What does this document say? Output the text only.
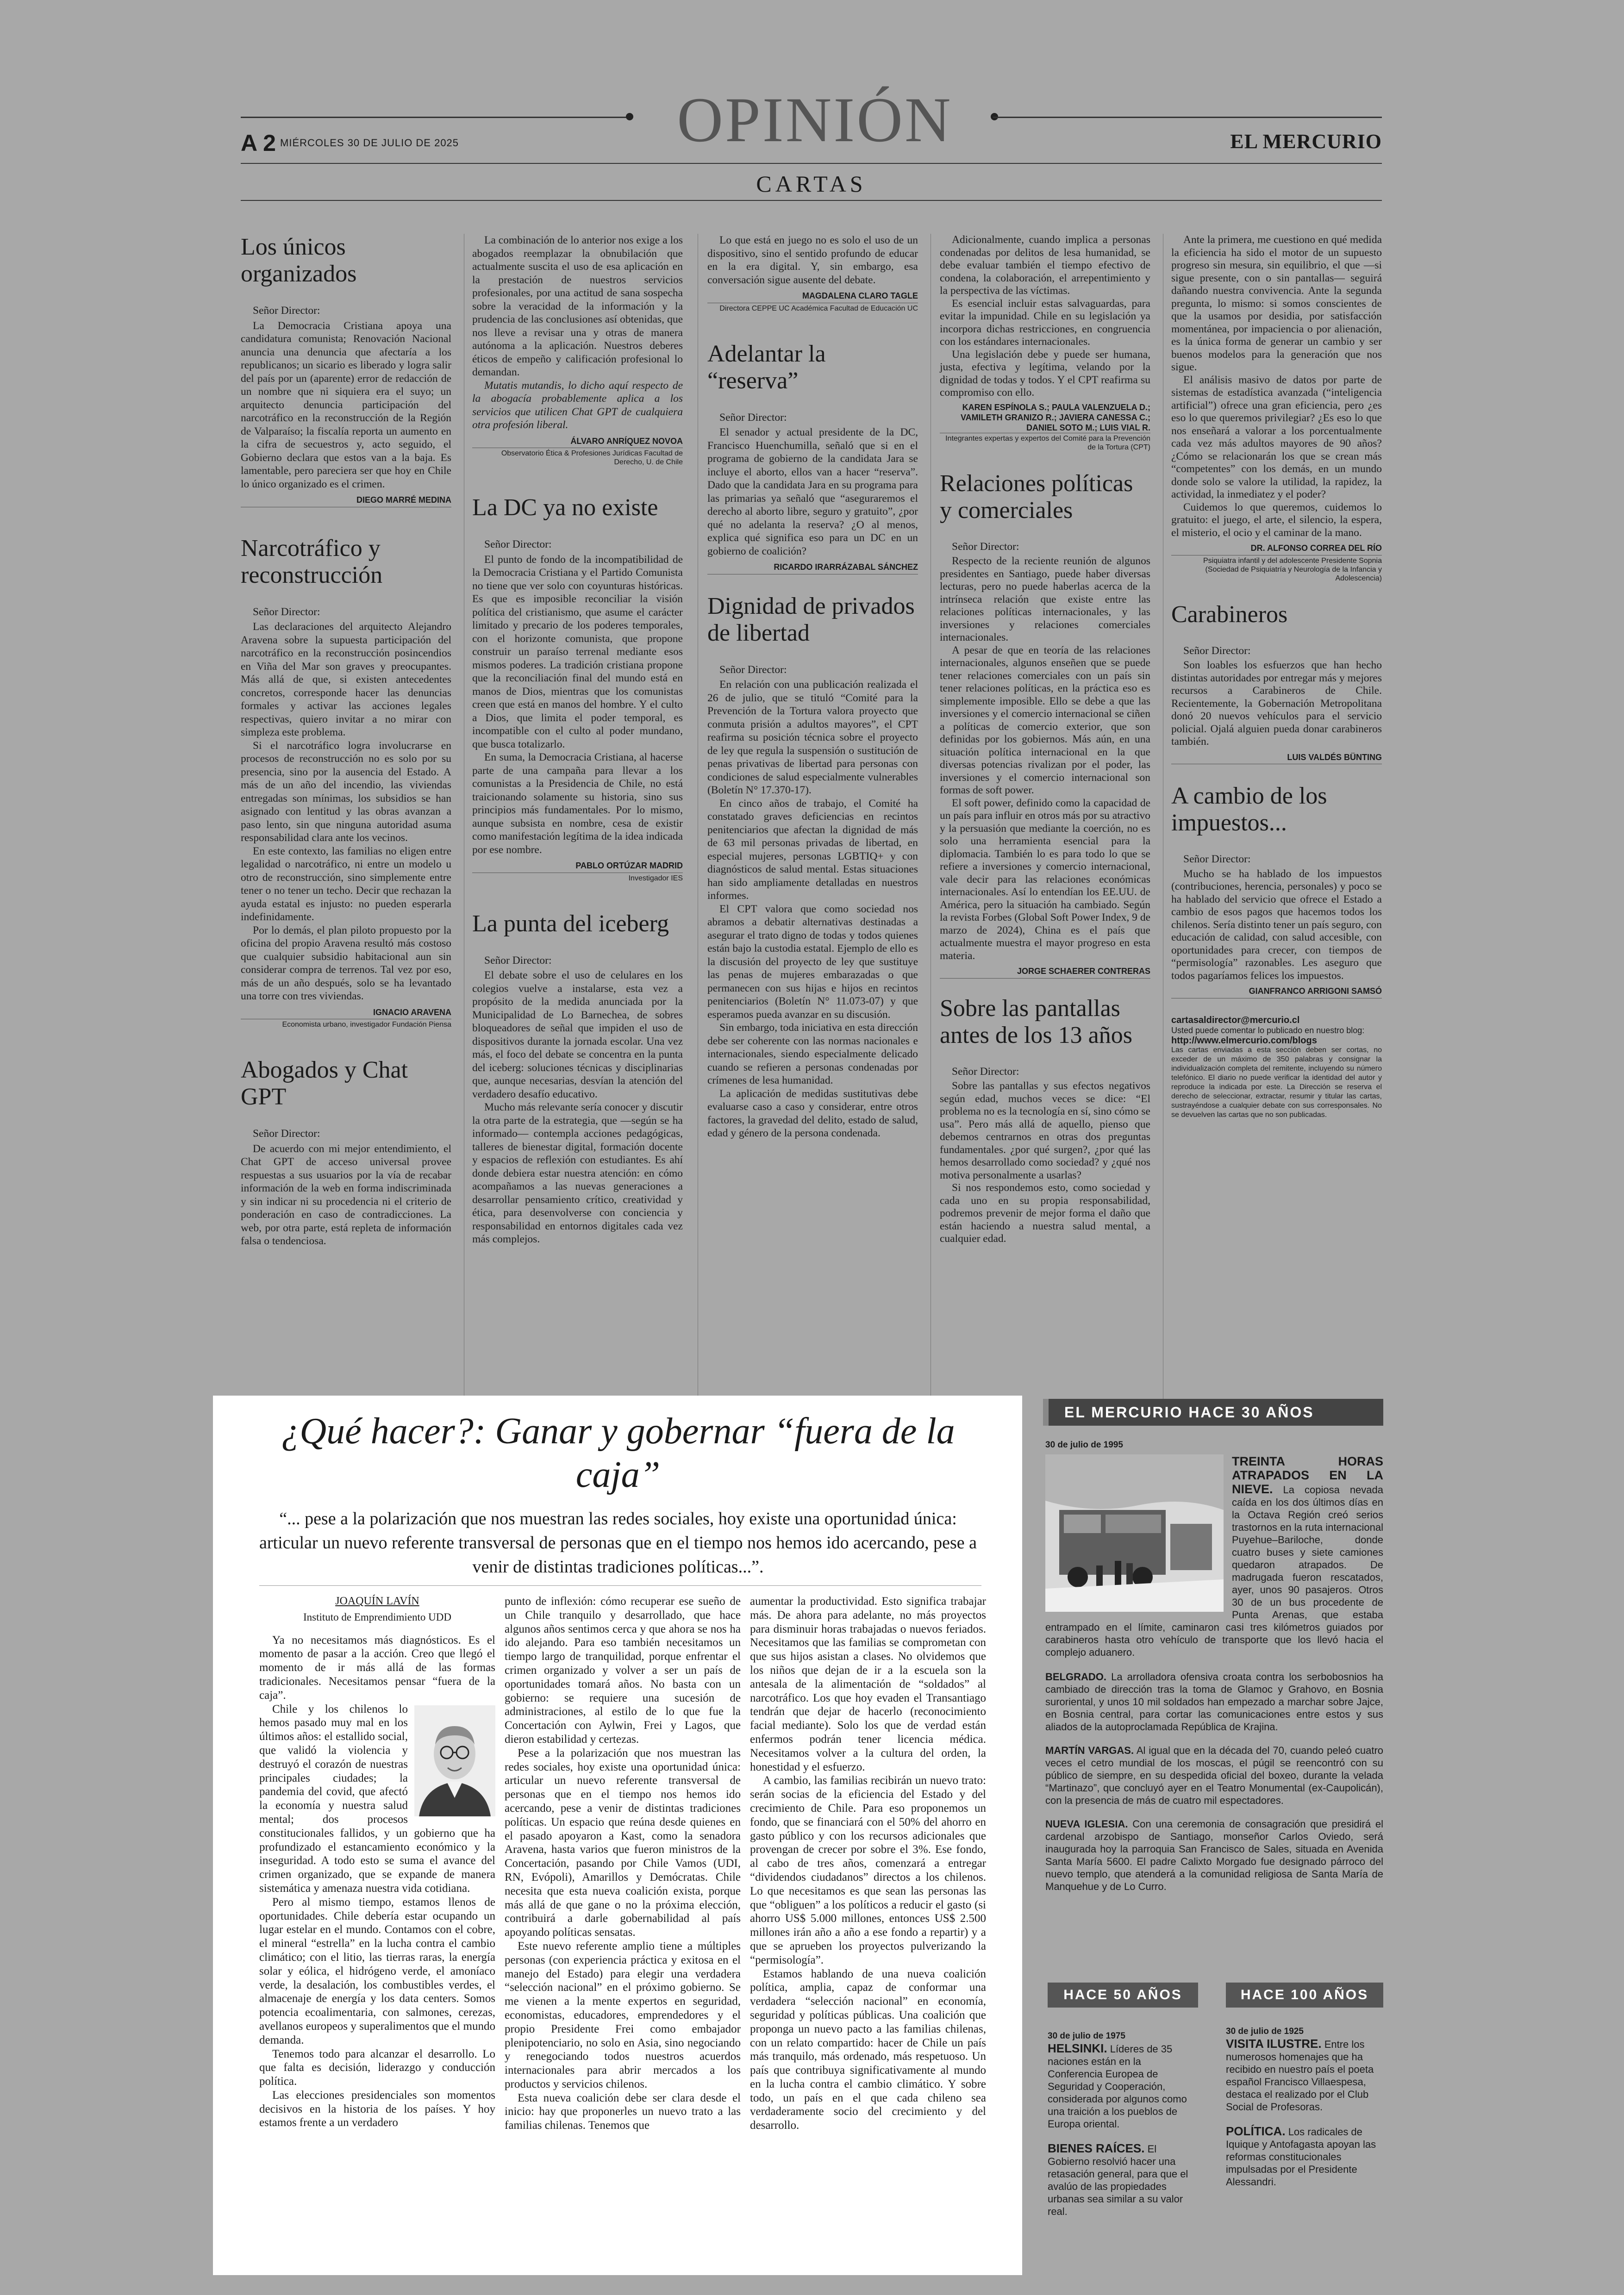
OPINIÓN
A 2 MIÉRCOLES 30 DE JULIO DE 2025	EL MERCURIO
CARTAS
Los únicos organizados
Señor Director:

La Democracia Cristiana apoya una candidatura comunista; Renovación Nacional anuncia una denuncia que afectaría a los republicanos; un sicario es liberado y logra salir del país por un (aparente) error de redacción de un nombre que ni siquiera era el suyo; un arquitecto denuncia participación del narcotráfico en la reconstrucción de la Región de Valparaíso; la fiscalía reporta un aumento en la cifra de secuestros y, acto seguido, el Gobierno declara que estos van a la baja. Es lamentable, pero pareciera ser que hoy en Chile lo único organizado es el crimen.

DIEGO MARRÉ MEDINA
Narcotráfico y reconstrucción
Señor Director:

Las declaraciones del arquitecto Alejandro Aravena sobre la supuesta participación del narcotráfico en la reconstrucción posincendios en Viña del Mar son graves y preocupantes. Más allá de que, si existen antecedentes concretos, corresponde hacer las denuncias formales y activar las acciones legales respectivas, quiero invitar a no mirar con simpleza este problema.

Si el narcotráfico logra involucrarse en procesos de reconstrucción no es solo por su presencia, sino por la ausencia del Estado. A más de un año del incendio, las viviendas entregadas son mínimas, los subsidios se han asignado con lentitud y las obras avanzan a paso lento, sin que ninguna autoridad asuma responsabilidad clara ante los vecinos.

En este contexto, las familias no eligen entre legalidad o narcotráfico, ni entre un modelo u otro de reconstrucción, sino simplemente entre tener o no tener un techo. Decir que rechazan la ayuda estatal es injusto: no pueden esperarla indefinidamente.

Por lo demás, el plan piloto propuesto por la oficina del propio Aravena resultó más costoso que cualquier subsidio habitacional aun sin considerar compra de terrenos. Tal vez por eso, más de un año después, solo se ha levantado una torre con tres viviendas.

IGNACIO ARAVENA
Economista urbano, investigador Fundación Piensa
Abogados y Chat GPT
Señor Director:

De acuerdo con mi mejor entendimiento, el Chat GPT de acceso universal provee respuestas a sus usuarios por la vía de recabar información de la web en forma indiscriminada y sin indicar ni su procedencia ni el criterio de ponderación en caso de contradicciones. La web, por otra parte, está repleta de información falsa o tendenciosa.

La combinación de lo anterior nos exige a los abogados reemplazar la obnubilación que actualmente suscita el uso de esa aplicación en la prestación de nuestros servicios profesionales, por una actitud de sana sospecha sobre la veracidad de la información y la prudencia de las conclusiones así obtenidas, que nos lleve a revisar una y otras de manera autónoma a la aplicación. Nuestros deberes éticos de empeño y calificación profesional lo demandan.

Mutatis mutandis, lo dicho aquí respecto de la abogacía probablemente aplica a los servicios que utilicen Chat GPT de cualquiera otra profesión liberal.

ÁLVARO ANRÍQUEZ NOVOA
Observatorio Ética & Profesiones Jurídicas Facultad de Derecho, U. de Chile
La DC ya no existe
Señor Director:

El punto de fondo de la incompatibilidad de la Democracia Cristiana y el Partido Comunista no tiene que ver solo con coyunturas históricas. Es que es imposible reconciliar la visión política del cristianismo, que asume el carácter limitado y precario de los poderes temporales, con el horizonte comunista, que propone construir un paraíso terrenal mediante esos mismos poderes. La tradición cristiana propone que la reconciliación final del mundo está en manos de Dios, mientras que los comunistas creen que está en manos del hombre. Y el culto a Dios, que limita el poder temporal, es incompatible con el culto al poder mundano, que busca totalizarlo.

En suma, la Democracia Cristiana, al hacerse parte de una campaña para llevar a los comunistas a la Presidencia de Chile, no está traicionando solamente su historia, sino sus principios más fundamentales. Por lo mismo, aunque subsista en nombre, cesa de existir como manifestación legítima de la idea indicada por ese nombre.

PABLO ORTÚZAR MADRID
Investigador IES
La punta del iceberg
Señor Director:

El debate sobre el uso de celulares en los colegios vuelve a instalarse, esta vez a propósito de la medida anunciada por la Municipalidad de Lo Barnechea, de sobres bloqueadores de señal que impiden el uso de dispositivos durante la jornada escolar. Una vez más, el foco del debate se concentra en la punta del iceberg: soluciones técnicas y disciplinarias que, aunque necesarias, desvían la atención del verdadero desafío educativo.

Mucho más relevante sería conocer y discutir la otra parte de la estrategia, que —según se ha informado— contempla acciones pedagógicas, talleres de bienestar digital, formación docente y espacios de reflexión con estudiantes. Es ahí donde debiera estar nuestra atención: en cómo acompañamos a las nuevas generaciones a desarrollar pensamiento crítico, creatividad y ética, para desenvolverse con conciencia y responsabilidad en entornos digitales cada vez más complejos.

Lo que está en juego no es solo el uso de un dispositivo, sino el sentido profundo de educar en la era digital. Y, sin embargo, esa conversación sigue ausente del debate.

MAGDALENA CLARO TAGLE
Directora CEPPE UC Académica Facultad de Educación UC
Adelantar la “reserva”
Señor Director:

El senador y actual presidente de la DC, Francisco Huenchumilla, señaló que si en el programa de gobierno de la candidata Jara se incluye el aborto, ellos van a hacer “reserva”. Dado que la candidata Jara en su programa para las primarias ya señaló que “aseguraremos el derecho al aborto libre, seguro y gratuito”, ¿por qué no adelanta la reserva? ¿O al menos, explica qué significa eso para un DC en un gobierno de coalición?

RICARDO IRARRÁZABAL SÁNCHEZ
Dignidad de privados de libertad
Señor Director:

En relación con una publicación realizada el 26 de julio, que se tituló “Comité para la Prevención de la Tortura valora proyecto que conmuta prisión a adultos mayores”, el CPT reafirma su posición técnica sobre el proyecto de ley que regula la suspensión o sustitución de penas privativas de libertad para personas con condiciones de salud especialmente vulnerables (Boletín N° 17.370-17).

En cinco años de trabajo, el Comité ha constatado graves deficiencias en recintos penitenciarios que afectan la dignidad de más de 63 mil personas privadas de libertad, en especial mujeres, personas LGBTIQ+ y con diagnósticos de salud mental. Estas situaciones han sido ampliamente detalladas en nuestros informes.

El CPT valora que como sociedad nos abramos a debatir alternativas destinadas a asegurar el trato digno de todas y todos quienes están bajo la custodia estatal. Ejemplo de ello es la discusión del proyecto de ley que sustituye las penas de mujeres embarazadas o que permanecen con sus hijas e hijos en recintos penitenciarios (Boletín N° 11.073-07) y que esperamos pueda avanzar en su discusión.

Sin embargo, toda iniciativa en esta dirección debe ser coherente con las normas nacionales e internacionales, siendo especialmente delicado cuando se refieren a personas condenadas por crímenes de lesa humanidad.

La aplicación de medidas sustitutivas debe evaluarse caso a caso y considerar, entre otros factores, la gravedad del delito, estado de salud, edad y género de la persona condenada.

Adicionalmente, cuando implica a personas condenadas por delitos de lesa humanidad, se debe evaluar también el tiempo efectivo de condena, la colaboración, el arrepentimiento y la perspectiva de las víctimas.

Es esencial incluir estas salvaguardas, para evitar la impunidad. Chile en su legislación ya incorpora dichas restricciones, en congruencia con los estándares internacionales.

Una legislación debe y puede ser humana, justa, efectiva y legítima, velando por la dignidad de todas y todos. Y el CPT reafirma su compromiso con ello.

KAREN ESPÍNOLA S.; PAULA VALENZUELA D.; VAMILETH GRANIZO R.; JAVIERA CANESSA C.; DANIEL SOTO M.; LUIS VIAL R.
Integrantes expertas y expertos del Comité para la Prevención de la Tortura (CPT)
Relaciones políticas y comerciales
Señor Director:

Respecto de la reciente reunión de algunos presidentes en Santiago, puede haber diversas lecturas, pero no puede haberlas acerca de la intrínseca relación que existe entre las relaciones políticas internacionales, y las inversiones y relaciones comerciales internacionales.

A pesar de que en teoría de las relaciones internacionales, algunos enseñen que se puede tener relaciones comerciales con un país sin tener relaciones políticas, en la práctica eso es simplemente imposible. Ello se debe a que las inversiones y el comercio internacional se ciñen a políticas de comercio exterior, que son definidas por los gobiernos. Más aún, en una situación política internacional en la que diversas potencias rivalizan por el poder, las inversiones y el comercio internacional son formas de soft power.

El soft power, definido como la capacidad de un país para influir en otros más por su atractivo y la persuasión que mediante la coerción, no es solo una herramienta esencial para la diplomacia. También lo es para todo lo que se refiere a inversiones y comercio internacional, vale decir para las relaciones económicas internacionales. Así lo entendían los EE.UU. de América, pero la situación ha cambiado. Según la revista Forbes (Global Soft Power Index, 9 de marzo de 2024), China es el país que actualmente muestra el mayor progreso en esta materia.

JORGE SCHAERER CONTRERAS
Sobre las pantallas antes de los 13 años
Señor Director:

Sobre las pantallas y sus efectos negativos según edad, muchos veces se dice: “El problema no es la tecnología en sí, sino cómo se usa”. Pero más allá de aquello, pienso que debemos centrarnos en otras dos preguntas fundamentales. ¿por qué surgen?, ¿por qué las hemos desarrollado como sociedad? y ¿qué nos motiva personalmente a usarlas?

Si nos respondemos esto, como sociedad y cada uno en su propia responsabilidad, podremos prevenir de mejor forma el daño que están haciendo a nuestra salud mental, a cualquier edad.

Ante la primera, me cuestiono en qué medida la eficiencia ha sido el motor de un supuesto progreso sin mesura, sin equilibrio, el que —si sigue presente, con o sin pantallas— seguirá dañando nuestra convivencia. Ante la segunda pregunta, lo mismo: si somos conscientes de que la usamos por desidia, por satisfacción momentánea, por impaciencia o por alienación, es la única forma de generar un cambio y ser buenos modelos para la generación que nos sigue.

El análisis masivo de datos por parte de sistemas de estadística avanzada (“inteligencia artificial”) ofrece una gran eficiencia, pero ¿es eso lo que queremos privilegiar? ¿Es eso lo que nos enseñará a valorar a los porcentualmente cada vez más adultos mayores de 90 años? ¿Cómo se relacionarán los que se crean más “competentes” con los demás, en un mundo donde solo se valore la utilidad, la rapidez, la actividad, la inmediatez y el poder?

Cuidemos lo que queremos, cuidemos lo gratuito: el juego, el arte, el silencio, la espera, el misterio, el ocio y el caminar de la mano.

DR. ALFONSO CORREA DEL RÍO
Psiquiatra infantil y del adolescente Presidente Sopnia (Sociedad de Psiquiatría y Neurología de la Infancia y Adolescencia)
Carabineros
Señor Director:

Son loables los esfuerzos que han hecho distintas autoridades por entregar más y mejores recursos a Carabineros de Chile. Recientemente, la Gobernación Metropolitana donó 20 nuevos vehículos para el servicio policial. Ojalá alguien pueda donar carabineros también.

LUIS VALDÉS BÜNTING
A cambio de los impuestos...
Señor Director:

Mucho se ha hablado de los impuestos (contribuciones, herencia, personales) y poco se ha hablado del servicio que ofrece el Estado a cambio de esos pagos que hacemos todos los chilenos. Sería distinto tener un país seguro, con educación de calidad, con salud accesible, con oportunidades para crecer, con tiempos de “permisología” razonables. Les aseguro que todos pagaríamos felices los impuestos.

GIANFRANCO ARRIGONI SAMSÓ
cartasaldirector@mercurio.cl
Usted puede comentar lo publicado en nuestro blog:
http://www.elmercurio.com/blogs
Las cartas enviadas a esta sección deben ser cortas, no exceder de un máximo de 350 palabras y consignar la individualización completa del remitente, incluyendo su número telefónico. El diario no puede verificar la identidad del autor y reproduce la indicada por este. La Dirección se reserva el derecho de seleccionar, extractar, resumir y titular las cartas, sustrayéndose a cualquier debate con sus corresponsales. No se devuelven las cartas que no son publicadas.
¿Qué hacer?: Ganar y gobernar “fuera de la caja”
“... pese a la polarización que nos muestran las redes sociales, hoy existe una oportunidad única: articular un nuevo referente transversal de personas que en el tiempo nos hemos ido acercando, pese a venir de distintas tradiciones políticas...”.
JOAQUÍN LAVÍN
Instituto de Emprendimiento UDD

Ya no necesitamos más diagnósticos. Es el momento de pasar a la acción. Creo que llegó el momento de ir más allá de las formas tradicionales. Necesitamos pensar “fuera de la caja”.

Chile y los chilenos lo hemos pasado muy mal en los últimos años: el estallido social, que validó la violencia y destruyó el corazón de nuestras principales ciudades; la pandemia del covid, que afectó la economía y nuestra salud mental; dos procesos constitucionales fallidos, y un gobierno que ha profundizado el estancamiento económico y la inseguridad. A todo esto se suma el avance del crimen organizado, que se expande de manera sistemática y amenaza nuestra vida cotidiana.

Pero al mismo tiempo, estamos llenos de oportunidades. Chile debería estar ocupando un lugar estelar en el mundo. Contamos con el cobre, el mineral “estrella” en la lucha contra el cambio climático; con el litio, las tierras raras, la energía solar y eólica, el hidrógeno verde, el amoníaco verde, la desalación, los combustibles verdes, el almacenaje de energía y los data centers. Somos potencia ecoalimentaria, con salmones, cerezas, avellanos europeos y superalimentos que el mundo demanda.

Tenemos todo para alcanzar el desarrollo. Lo que falta es decisión, liderazgo y conducción política.

Las elecciones presidenciales son momentos decisivos en la historia de los países. Y hoy estamos frente a un verdadero

punto de inflexión: cómo recuperar ese sueño de un Chile tranquilo y desarrollado, que hace algunos años sentimos cerca y que ahora se nos ha ido alejando. Para eso también necesitamos un tiempo largo de tranquilidad, porque enfrentar el crimen organizado y volver a ser un país de oportunidades tomará años. No basta con un gobierno: se requiere una sucesión de administraciones, al estilo de lo que fue la Concertación con Aylwin, Frei y Lagos, que dieron estabilidad y certezas.

Pese a la polarización que nos muestran las redes sociales, hoy existe una oportunidad única: articular un nuevo referente transversal de personas que en el tiempo nos hemos ido acercando, pese a venir de distintas tradiciones políticas. Un espacio que reúna desde quienes en el pasado apoyaron a Kast, como la senadora Aravena, hasta varios que fueron ministros de la Concertación, pasando por Chile Vamos (UDI, RN, Evópoli), Amarillos y Demócratas. Chile necesita que esta nueva coalición exista, porque más allá de que gane o no la próxima elección, contribuirá a darle gobernabilidad al país apoyando políticas sensatas.

Este nuevo referente amplio tiene a múltiples personas (con experiencia práctica y exitosa en el manejo del Estado) para elegir una verdadera “selección nacional” en el próximo gobierno. Se me vienen a la mente expertos en seguridad, economistas, educadores, emprendedores y el propio Presidente Frei como embajador plenipotenciario, no solo en Asia, sino negociando y renegociando todos nuestros acuerdos internacionales para abrir mercados a los productos y servicios chilenos.

Esta nueva coalición debe ser clara desde el inicio: hay que proponerles un nuevo trato a las familias chilenas. Tenemos que

aumentar la productividad. Esto significa trabajar más. De ahora para adelante, no más proyectos para disminuir horas trabajadas o nuevos feriados. Necesitamos que las familias se comprometan con que sus hijos asistan a clases. No olvidemos que los niños que dejan de ir a la escuela son la antesala de la alimentación de “soldados” al narcotráfico. Los que hoy evaden el Transantiago tendrán que dejar de hacerlo (reconocimiento facial mediante). Solo los que de verdad están enfermos podrán tener licencia médica. Necesitamos volver a la cultura del orden, la honestidad y el esfuerzo.

A cambio, las familias recibirán un nuevo trato: serán socias de la eficiencia del Estado y del crecimiento de Chile. Para eso proponemos un fondo, que se financiará con el 50% del ahorro en gasto público y con los recursos adicionales que provengan de crecer por sobre el 3%. Ese fondo, al cabo de tres años, comenzará a entregar “dividendos ciudadanos” directos a los chilenos. Lo que necesitamos es que sean las personas las que “obliguen” a los políticos a reducir el gasto (si ahorro US$ 5.000 millones, entonces US$ 2.500 millones irán año a año a ese fondo a repartir) y a que se aprueben los proyectos pulverizando la “permisología”.

Estamos hablando de una nueva coalición política, amplia, capaz de conformar una verdadera “selección nacional” en economía, seguridad y políticas públicas. Una coalición que proponga un nuevo pacto a las familias chilenas, con un relato compartido: hacer de Chile un país más tranquilo, más ordenado, más respetuoso. Un país que contribuya significativamente al mundo en la lucha contra el cambio climático. Y sobre todo, un país en el que cada chileno sea verdaderamente socio del crecimiento y del desarrollo.

EL MERCURIO HACE 30 AÑOS
30 de julio de 1995
TREINTA HORAS ATRAPADOS EN LA NIEVE. La copiosa nevada caída en los dos últimos días en la Octava Región creó serios trastornos en la ruta internacional Puyehue–Bariloche, donde cuatro buses y siete camiones quedaron atrapados. De madrugada fueron rescatados, ayer, unos 90 pasajeros. Otros 30 de un bus procedente de Punta Arenas, que estaba entrampado en el límite, caminaron casi tres kilómetros guiados por carabineros hasta otro vehículo de transporte que los llevó hacia el complejo aduanero.
BELGRADO. La arrolladora ofensiva croata contra los serbobosnios ha cambiado de dirección tras la toma de Glamoc y Grahovo, en Bosnia suroriental, y unos 10 mil soldados han empezado a marchar sobre Jajce, en Bosnia central, para cortar las comunicaciones entre estos y sus aliados de la autoproclamada República de Krajina.
MARTÍN VARGAS. Al igual que en la década del 70, cuando peleó cuatro veces el cetro mundial de los moscas, el púgil se reencontró con su público de siempre, en su despedida oficial del boxeo, durante la velada “Martinazo”, que concluyó ayer en el Teatro Monumental (ex-Caupolicán), con la presencia de más de cuatro mil espectadores.
NUEVA IGLESIA. Con una ceremonia de consagración que presidirá el cardenal arzobispo de Santiago, monseñor Carlos Oviedo, será inaugurada hoy la parroquia San Francisco de Sales, situada en Avenida Santa María 5600. El padre Calixto Morgado fue designado párroco del nuevo templo, que atenderá a la comunidad religiosa de Santa María de Manquehue y de Lo Curro.
HACE 50 AÑOS	HACE 100 AÑOS
30 de julio de 1975
HELSINKI. Líderes de 35 naciones están en la Conferencia Europea de Seguridad y Cooperación, considerada por algunos como una traición a los pueblos de Europa oriental.
BIENES RAÍCES. El Gobierno resolvió hacer una retasación general, para que el avalúo de las propiedades urbanas sea similar a su valor real.
30 de julio de 1925
VISITA ILUSTRE. Entre los numerosos homenajes que ha recibido en nuestro país el poeta español Francisco Villaespesa, destaca el realizado por el Club Social de Profesoras.
POLÍTICA. Los radicales de Iquique y Antofagasta apoyan las reformas constitucionales impulsadas por el Presidente Alessandri.
